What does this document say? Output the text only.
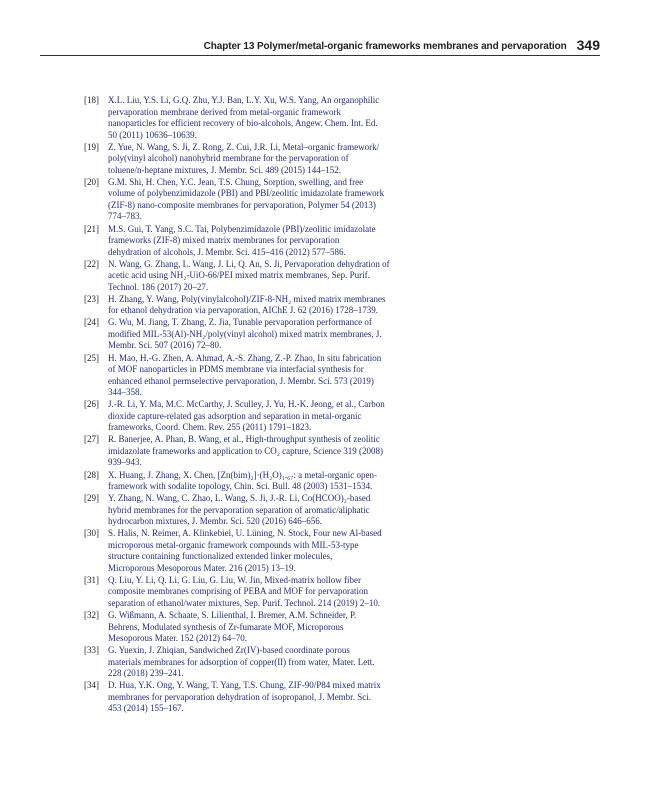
Chapter 13 Polymer/metal-organic frameworks membranes and pervaporation 349
[18] X.L. Liu, Y.S. Li, G.Q. Zhu, Y.J. Ban, L.Y. Xu, W.S. Yang, An organophilic
pervaporation membrane derived from metal-organic framework
nanoparticles for efficient recovery of bio-alcohols, Angew. Chem. Int. Ed.
50 (2011) 10636–10639.
[19] Z. Yue, N. Wang, S. Ji, Z. Rong, Z. Cui, J.R. Li, Metal–organic framework/
poly(vinyl alcohol) nanohybrid membrane for the pervaporation of
toluene/n-heptane mixtures, J. Membr. Sci. 489 (2015) 144–152.
[20] G.M. Shi, H. Chen, Y.C. Jean, T.S. Chung, Sorption, swelling, and free
volume of polybenzimidazole (PBI) and PBI/zeolitic imidazolate framework
(ZIF-8) nano-composite membranes for pervaporation, Polymer 54 (2013)
774–783.
[21] M.S. Gui, T. Yang, S.C. Tai, Polybenzimidazole (PBI)/zeolitic imidazolate
frameworks (ZIF-8) mixed matrix membranes for pervaporation
dehydration of alcohols, J. Membr. Sci. 415–416 (2012) 577–586.
[22] N. Wang, G. Zhang, L. Wang, J. Li, Q. An, S. Ji, Pervaporation dehydration of
acetic acid using NH₂-UiO-66/PEI mixed matrix membranes, Sep. Purif.
Technol. 186 (2017) 20–27.
[23] H. Zhang, Y. Wang, Poly(vinylalcohol)/ZIF-8-NH₂ mixed matrix membranes
for ethanol dehydration via pervaporation, AIChE J. 62 (2016) 1728–1739.
[24] G. Wu, M. Jiang, T. Zhang, Z. Jia, Tunable pervaporation performance of
modified MIL-53(Al)-NH₂/poly(vinyl alcohol) mixed matrix membranes, J.
Membr. Sci. 507 (2016) 72–80.
[25] H. Mao, H.-G. Zhen, A. Ahmad, A.-S. Zhang, Z.-P. Zhao, In situ fabrication
of MOF nanoparticles in PDMS membrane via interfacial synthesis for
enhanced ethanol permselective pervaporation, J. Membr. Sci. 573 (2019)
344–358.
[26] J.-R. Li, Y. Ma, M.C. McCarthy, J. Sculley, J. Yu, H.-K. Jeong, et al., Carbon
dioxide capture-related gas adsorption and separation in metal-organic
frameworks, Coord. Chem. Rev. 255 (2011) 1791–1823.
[27] R. Banerjee, A. Phan, B. Wang, et al., High-throughput synthesis of zeolitic
imidazolate frameworks and application to CO₂ capture, Science 319 (2008)
939–943.
[28] X. Huang, J. Zhang, X. Chen, [Zn(bim)₂]·(H₂O)₁.₆₇: a metal-organic open-
framework with sodalite topology, Chin. Sci. Bull. 48 (2003) 1531–1534.
[29] Y. Zhang, N. Wang, C. Zhao, L. Wang, S. Ji, J.-R. Li, Co(HCOO)₂-based
hybrid membranes for the pervaporation separation of aromatic/aliphatic
hydrocarbon mixtures, J. Membr. Sci. 520 (2016) 646–656.
[30] S. Halis, N. Reimer, A. Klinkebiel, U. Lüning, N. Stock, Four new Al-based
microporous metal-organic framework compounds with MIL-53-type
structure containing functionalized extended linker molecules,
Microporous Mesoporous Mater. 216 (2015) 13–19.
[31] Q. Liu, Y. Li, Q. Li, G. Liu, G. Liu, W. Jin, Mixed-matrix hollow fiber
composite membranes comprising of PEBA and MOF for pervaporation
separation of ethanol/water mixtures, Sep. Purif. Technol. 214 (2019) 2–10.
[32] G. Wißmann, A. Schaate, S. Lilienthal, I. Bremer, A.M. Schneider, P.
Behrens, Modulated synthesis of Zr-fumarate MOF, Microporous
Mesoporous Mater. 152 (2012) 64–70.
[33] G. Yuexin, J. Zhiqian, Sandwiched Zr(IV)-based coordinate porous
materials membranes for adsorption of copper(II) from water, Mater. Lett.
228 (2018) 239–241.
[34] D. Hua, Y.K. Ong, Y. Wang, T. Yang, T.S. Chung, ZIF-90/P84 mixed matrix
membranes for pervaporation dehydration of isopropanol, J. Membr. Sci.
453 (2014) 155–167.
